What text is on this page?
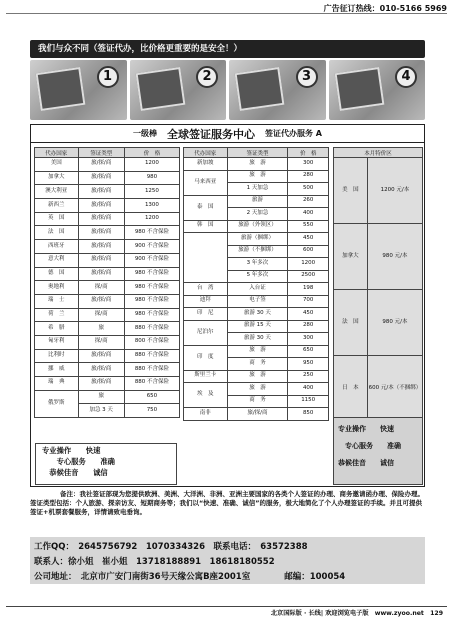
广告征订热线：010-5166 5969
我们与众不同（签证代办，比价格更重要的是安全！）
1	2	3	4
一级棒 全球签证服务中心 签证代办服务 A
代办国家	签证类型	价　格
美国	旅/探/商	1200
加拿大	旅/探/商	980
澳大利亚	旅/探/商	1250
新西兰	旅/探/商	1300
英　国	旅/探/商	1200
法　国	旅/探/商	980 不含保险
西班牙	旅/探/商	900 不含保险
意大利	旅/探/商	900 不含保险
德　国	旅/探/商	980 不含保险
奥地利	探/商	980 不含保险
瑞　士	旅/探/商	980 不含保险
荷　兰	探/商	980 不含保险
希　腊	旅	880 不含保险
匈牙利	探/商	800 不含保险
比利时	旅/探/商	880 不含保险
挪　威	旅/探/商	880 不含保险
瑞　典	旅/探/商	880 不含保险
俄罗斯	旅	650
	加急 3 天	750
代办国家	签证类型	价　格
新加坡	旅　游	300
马来西亚	旅　游	280
	1 天加急	500
泰　国	旅游	260
	2 天加急	400
韩　国	旅游（外领区）	550
	旅游（捆绑）	450
	旅游（不捆绑）	600
	3 年多次	1200
	5 年多次	2500
台　湾	入台证	198
迪拜	电子签	700
印　尼	旅游 30 天	450
尼泊尔	旅游 15 天	280
	旅游 30 天	300
印　度	旅　游	650
	商　务	950
斯里兰卡	旅　游	250
埃　及	旅　游	400
	商　务	1150
南非	旅/探/商	850
本月特价区	
美　国	1200 元/本
加拿大	980 元/本
法　国	980 元/本
日　本	600 元/本（不捆绑）
专业操作　　快速
　　专心服务　　准确
　恭候佳音　　诚信
专业操作　　快速
　专心服务　　准确
恭候佳音　　诚信
备注：我社签证部现为您提供欧洲、美洲、大洋洲、非洲、亚洲主要国家的各类个人签证的办理、商务邀请函办理、保险办理。签证类型包括：个人旅游、探亲访友、短期商务等；我们以“快速、准确、诚信”的服务，极大地简化了个人办理签证的手续。并且可提供签证+机票套餐服务，详情请致电垂询。
工作QQ：　2645756792　1070334326　联系电话：　63572388
联系人：徐小姐　崔小姐　13718188891　18618180552
公司地址：　北京市广安门南街36号天缘公寓B座2001室　　　　邮编：100054
北京国际版 · 长线| 欢迎浏览电子版　www.zyoo.net　129
